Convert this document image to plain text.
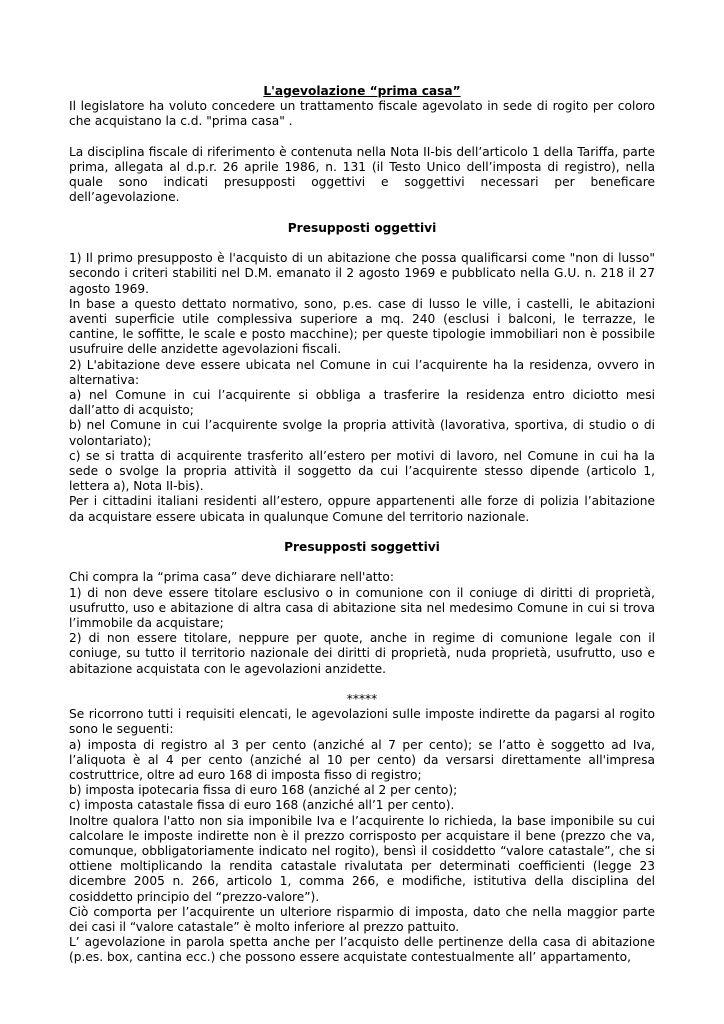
L'agevolazione “prima casa”

Il legislatore ha voluto concedere un trattamento fiscale agevolato in sede di rogito per coloro che acquistano la c.d. "prima casa" .

La disciplina fiscale di riferimento è contenuta nella Nota II-bis dell’articolo 1 della Tariffa, parte prima, allegata al d.p.r. 26 aprile 1986, n. 131 (il Testo Unico dell’imposta di registro), nella quale sono indicati presupposti oggettivi e soggettivi necessari per beneficare dell’agevolazione.

Presupposti oggettivi

1) Il primo presupposto è l'acquisto di un abitazione che possa qualificarsi come "non di lusso" secondo i criteri stabiliti nel D.M. emanato il 2 agosto 1969 e pubblicato nella G.U. n. 218 il 27 agosto 1969.

In base a questo dettato normativo, sono, p.es. case di lusso le ville, i castelli, le abitazioni aventi superficie utile complessiva superiore a mq. 240 (esclusi i balconi, le terrazze, le cantine, le soffitte, le scale e posto macchine); per queste tipologie immobiliari non è possibile usufruire delle anzidette agevolazioni fiscali.

2) L'abitazione deve essere ubicata nel Comune in cui l’acquirente ha la residenza, ovvero in alternativa:

a) nel Comune in cui l’acquirente si obbliga a trasferire la residenza entro diciotto mesi dall’atto di acquisto;

b) nel Comune in cui l’acquirente svolge la propria attività (lavorativa, sportiva, di studio o di volontariato);

c) se si tratta di acquirente trasferito all’estero per motivi di lavoro, nel Comune in cui ha la sede o svolge la propria attività il soggetto da cui l’acquirente stesso dipende (articolo 1, lettera a), Nota II-bis).

Per i cittadini italiani residenti all’estero, oppure appartenenti alle forze di polizia l’abitazione da acquistare essere ubicata in qualunque Comune del territorio nazionale.

Presupposti soggettivi

Chi compra la “prima casa” deve dichiarare nell'atto:

1) di non deve essere titolare esclusivo o in comunione con il coniuge di diritti di proprietà, usufrutto, uso e abitazione di altra casa di abitazione sita nel medesimo Comune in cui si trova l’immobile da acquistare;

2) di non essere titolare, neppure per quote, anche in regime di comunione legale con il coniuge, su tutto il territorio nazionale dei diritti di proprietà, nuda proprietà, usufrutto, uso e abitazione acquistata con le agevolazioni anzidette.

*****

Se ricorrono tutti i requisiti elencati, le agevolazioni sulle imposte indirette da pagarsi al rogito sono le seguenti:

a) imposta di registro al 3 per cento (anziché al 7 per cento); se l’atto è soggetto ad Iva, l’aliquota è al 4 per cento (anziché al 10 per cento) da versarsi direttamente all'impresa costruttrice, oltre ad euro 168 di imposta fisso di registro;

b) imposta ipotecaria fissa di euro 168 (anziché al 2 per cento);

c) imposta catastale fissa di euro 168 (anziché all’1 per cento).

Inoltre qualora l'atto non sia imponibile Iva e l’acquirente lo richieda, la base imponibile su cui calcolare le imposte indirette non è il prezzo corrisposto per acquistare il bene (prezzo che va, comunque, obbligatoriamente indicato nel rogito), bensì il cosiddetto “valore catastale”, che si ottiene moltiplicando la rendita catastale rivalutata per determinati coefficienti (legge 23 dicembre 2005 n. 266, articolo 1, comma 266, e modifiche, istitutiva della disciplina del cosiddetto principio del “prezzo-valore”).

Ciò comporta per l’acquirente un ulteriore risparmio di imposta, dato che nella maggior parte dei casi il “valore catastale” è molto inferiore al prezzo pattuito.

L’ agevolazione in parola spetta anche per l’acquisto delle pertinenze della casa di abitazione (p.es. box, cantina ecc.) che possono essere acquistate contestualmente all’ appartamento,
